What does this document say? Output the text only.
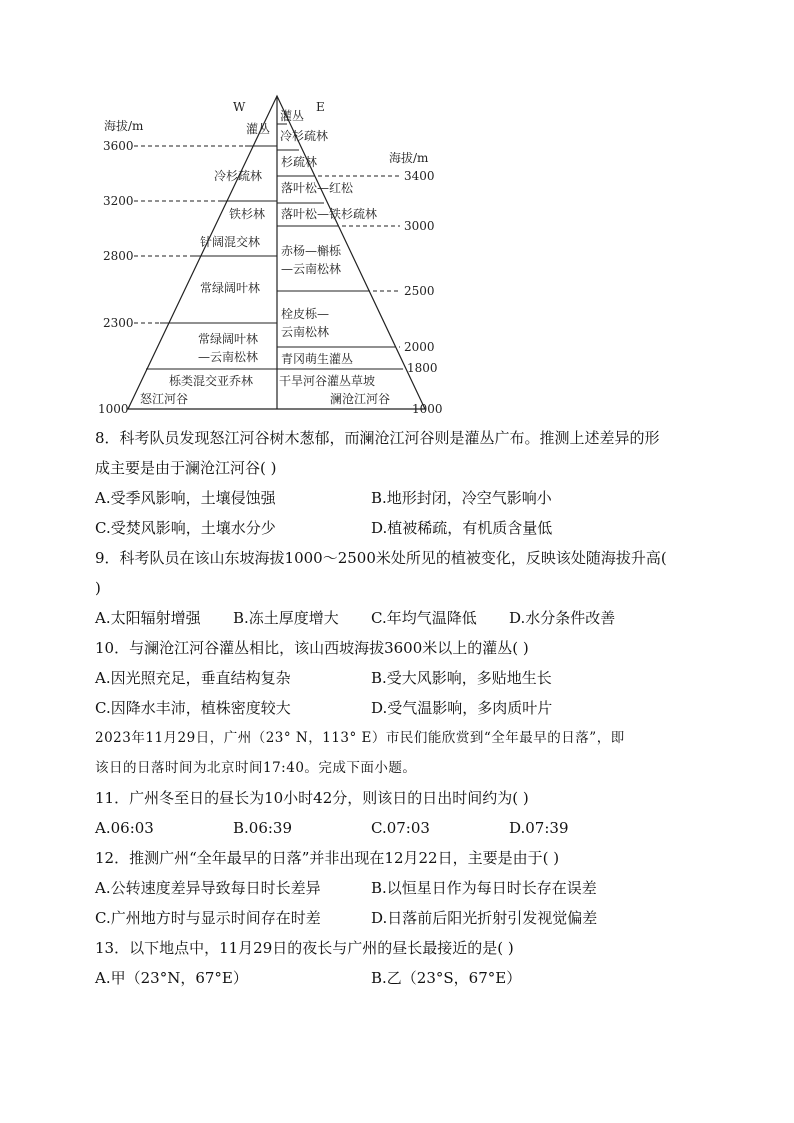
W	E
海拔/m
海拔/m
3600
3200
2800
2300
1000
3400
3000
2500
2000
1800
1000
灌丛
冷杉疏林
铁杉林
针阔混交林
常绿阔叶林
常绿阔叶林
—云南松林
栎类混交亚乔林
怒江河谷
灌丛
冷杉疏林
杉疏林
落叶松—红松
落叶松—铁杉疏林
赤杨—槲栎
—云南松林
栓皮栎—
云南松林
青冈萌生灌丛
干旱河谷灌丛草坡
澜沧江河谷
8．科考队员发现怒江河谷树木葱郁，而澜沧江河谷则是灌丛广布。推测上述差异的形
成主要是由于澜沧江河谷( )
A.受季风影响，土壤侵蚀强	B.地形封闭，冷空气影响小
C.受焚风影响，土壤水分少	D.植被稀疏，有机质含量低
9．科考队员在该山东坡海拔1000～2500米处所见的植被变化，反映该处随海拔升高(
)
A.太阳辐射增强 B.冻土厚度增大 C.年均气温降低 D.水分条件改善
10．与澜沧江河谷灌丛相比，该山西坡海拔3600米以上的灌丛( )
A.因光照充足，垂直结构复杂	B.受大风影响，多贴地生长
C.因降水丰沛，植株密度较大	D.受气温影响，多肉质叶片
2023年11月29日，广州（23° N，113° E）市民们能欣赏到“全年最早的日落”，即
该日的日落时间为北京时间17:40。完成下面小题。
11．广州冬至日的昼长为10小时42分，则该日的日出时间约为( )
A.06:03	B.06:39	C.07:03	D.07:39
12．推测广州“全年最早的日落”并非出现在12月22日，主要是由于( )
A.公转速度差异导致每日时长差异	B.以恒星日作为每日时长存在误差
C.广州地方时与显示时间存在时差	D.日落前后阳光折射引发视觉偏差
13．以下地点中，11月29日的夜长与广州的昼长最接近的是( )
A.甲（23°N，67°E）	B.乙（23°S，67°E）
